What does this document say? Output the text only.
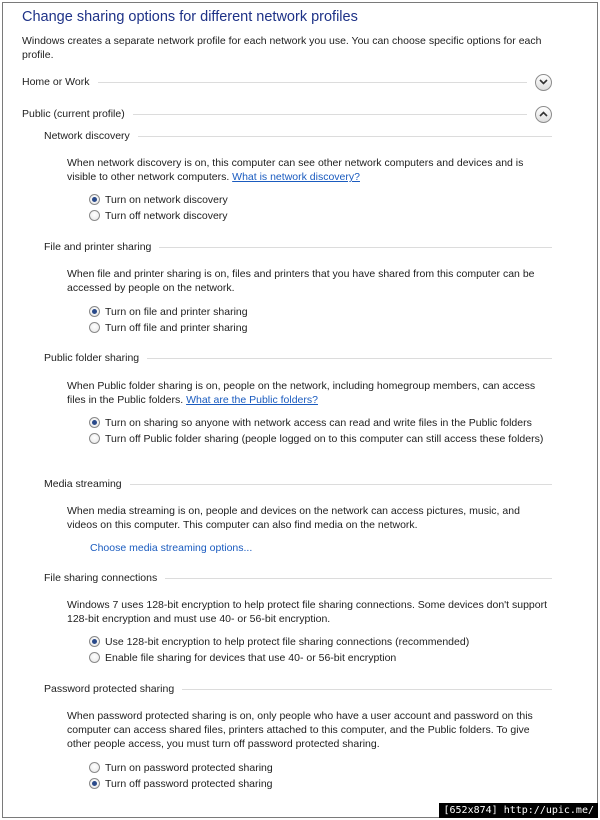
Change sharing options for different network profiles
Windows creates a separate network profile for each network you use. You can choose specific options for each profile.
Home or Work
Public (current profile)
Network discovery
When network discovery is on, this computer can see other network computers and devices and is visible to other network computers. What is network discovery?
Turn on network discovery
Turn off network discovery
File and printer sharing
When file and printer sharing is on, files and printers that you have shared from this computer can be accessed by people on the network.
Turn on file and printer sharing
Turn off file and printer sharing
Public folder sharing
When Public folder sharing is on, people on the network, including homegroup members, can access files in the Public folders. What are the Public folders?
Turn on sharing so anyone with network access can read and write files in the Public folders
Turn off Public folder sharing (people logged on to this computer can still access these folders)
Media streaming
When media streaming is on, people and devices on the network can access pictures, music, and videos on this computer. This computer can also find media on the network.
Choose media streaming options...
File sharing connections
Windows 7 uses 128-bit encryption to help protect file sharing connections. Some devices don't support 128-bit encryption and must use 40- or 56-bit encryption.
Use 128-bit encryption to help protect file sharing connections (recommended)
Enable file sharing for devices that use 40- or 56-bit encryption
Password protected sharing
When password protected sharing is on, only people who have a user account and password on this computer can access shared files, printers attached to this computer, and the Public folders. To give other people access, you must turn off password protected sharing.
Turn on password protected sharing
Turn off password protected sharing
[652x874] http://upic.me/
